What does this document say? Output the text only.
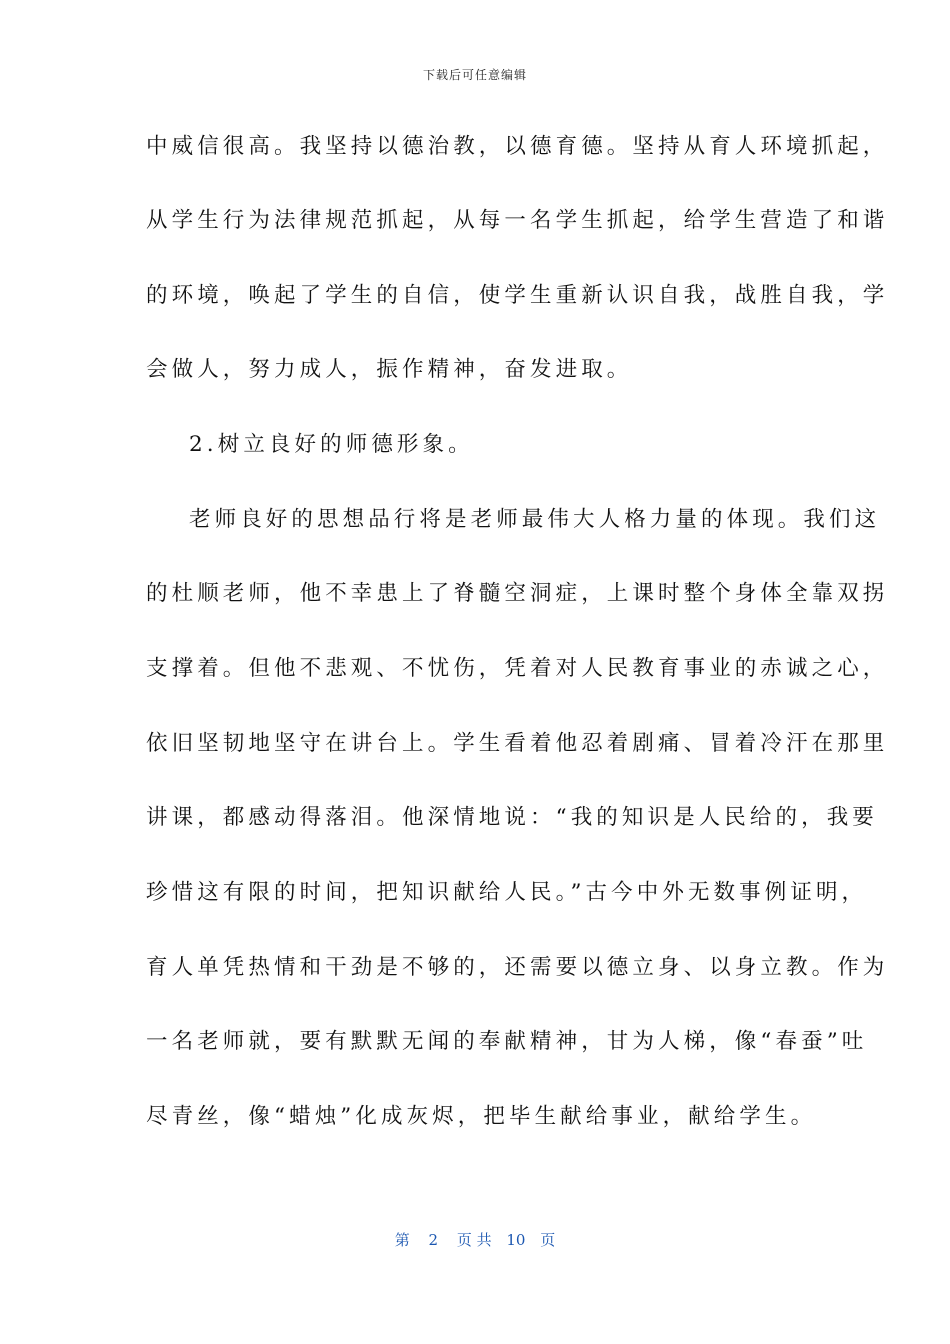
下载后可任意编辑
中威信很高。我坚持以德治教，以德育德。坚持从育人环境抓起，
从学生行为法律规范抓起，从每一名学生抓起，给学生营造了和谐
的环境，唤起了学生的自信，使学生重新认识自我，战胜自我，学
会做人，努力成人，振作精神，奋发进取。
2.树立良好的师德形象。
老师良好的思想品行将是老师最伟大人格力量的体现。我们这
的杜顺老师，他不幸患上了脊髓空洞症，上课时整个身体全靠双拐
支撑着。但他不悲观、不忧伤，凭着对人民教育事业的赤诚之心，
依旧坚韧地坚守在讲台上。学生看着他忍着剧痛、冒着冷汗在那里
讲课，都感动得落泪。他深情地说：“我的知识是人民给的，我要
珍惜这有限的时间，把知识献给人民。”古今中外无数事例证明，
育人单凭热情和干劲是不够的，还需要以德立身、以身立教。作为
一名老师就，要有默默无闻的奉献精神，甘为人梯，像“春蚕”吐
尽青丝，像“蜡烛”化成灰烬，把毕生献给事业，献给学生。
第 2 页 共 10 页
